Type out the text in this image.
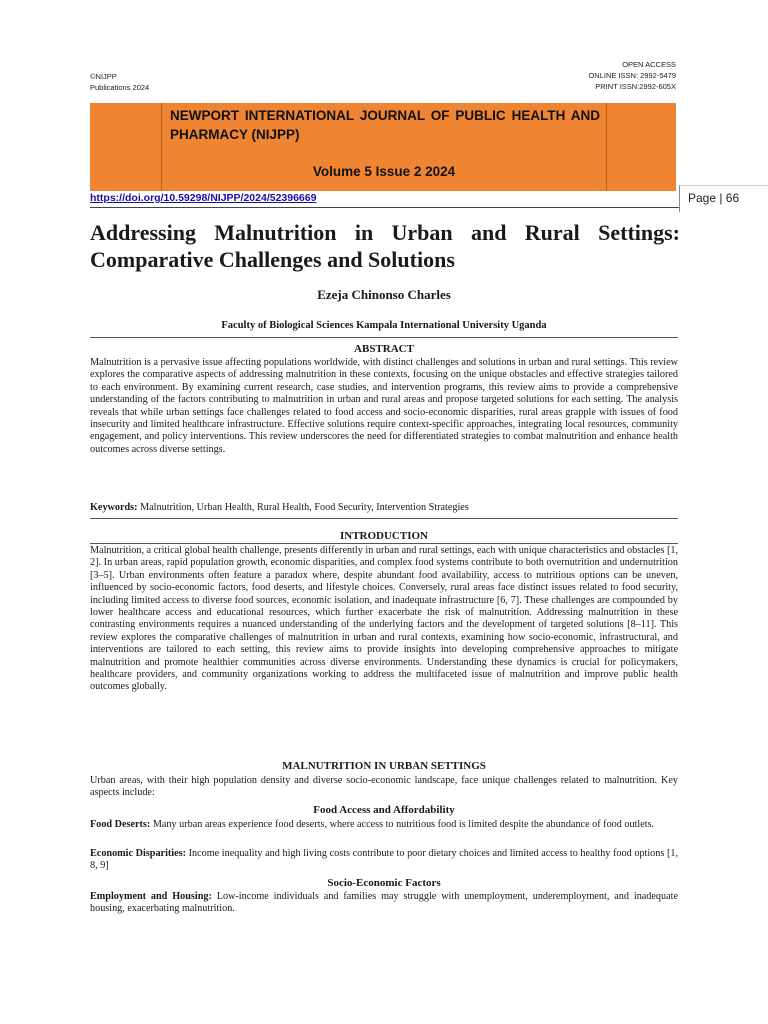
©NIJPP
Publications 2024
OPEN ACCESS
ONLINE ISSN: 2992-5479
PRINT ISSN:2992-605X
NEWPORT INTERNATIONAL JOURNAL OF PUBLIC HEALTH AND PHARMACY (NIJPP)
Volume 5 Issue 2 2024
https://doi.org/10.59298/NIJPP/2024/52396669	Page | 66
Addressing Malnutrition in Urban and Rural Settings: Comparative Challenges and Solutions
Ezeja Chinonso Charles
Faculty of Biological Sciences Kampala International University Uganda
ABSTRACT

Malnutrition is a pervasive issue affecting populations worldwide, with distinct challenges and solutions in urban and rural settings. This review explores the comparative aspects of addressing malnutrition in these contexts, focusing on the unique obstacles and effective strategies tailored to each environment. By examining current research, case studies, and intervention programs, this review aims to provide a comprehensive understanding of the factors contributing to malnutrition in urban and rural areas and propose targeted solutions for each setting. The analysis reveals that while urban settings face challenges related to food access and socio-economic disparities, rural areas grapple with issues of food insecurity and limited healthcare infrastructure. Effective solutions require context-specific approaches, integrating local resources, community engagement, and policy interventions. This review underscores the need for differentiated strategies to combat malnutrition and enhance health outcomes across diverse settings.

Keywords: Malnutrition, Urban Health, Rural Health, Food Security, Intervention Strategies

INTRODUCTION

Malnutrition, a critical global health challenge, presents differently in urban and rural settings, each with unique characteristics and obstacles [1, 2]. In urban areas, rapid population growth, economic disparities, and complex food systems contribute to both overnutrition and undernutrition [3–5]. Urban environments often feature a paradox where, despite abundant food availability, access to nutritious options can be uneven, influenced by socio-economic factors, food deserts, and lifestyle choices. Conversely, rural areas face distinct issues related to food security, including limited access to diverse food sources, economic isolation, and inadequate infrastructure [6, 7]. These challenges are compounded by lower healthcare access and educational resources, which further exacerbate the risk of malnutrition. Addressing malnutrition in these contrasting environments requires a nuanced understanding of the underlying factors and the development of targeted solutions [8–11]. This review explores the comparative challenges of malnutrition in urban and rural contexts, examining how socio-economic, infrastructural, and interventions are tailored to each setting, this review aims to provide insights into developing comprehensive approaches to mitigate malnutrition and promote healthier communities across diverse environments. Understanding these dynamics is crucial for policymakers, healthcare providers, and community organizations working to address the multifaceted issue of malnutrition and improve public health outcomes globally.

MALNUTRITION IN URBAN SETTINGS

Urban areas, with their high population density and diverse socio-economic landscape, face unique challenges related to malnutrition. Key aspects include:

Food Access and Affordability

Food Deserts: Many urban areas experience food deserts, where access to nutritious food is limited despite the abundance of food outlets.

Economic Disparities: Income inequality and high living costs contribute to poor dietary choices and limited access to healthy food options [1, 8, 9]

Socio-Economic Factors

Employment and Housing: Low-income individuals and families may struggle with unemployment, underemployment, and inadequate housing, exacerbating malnutrition.
